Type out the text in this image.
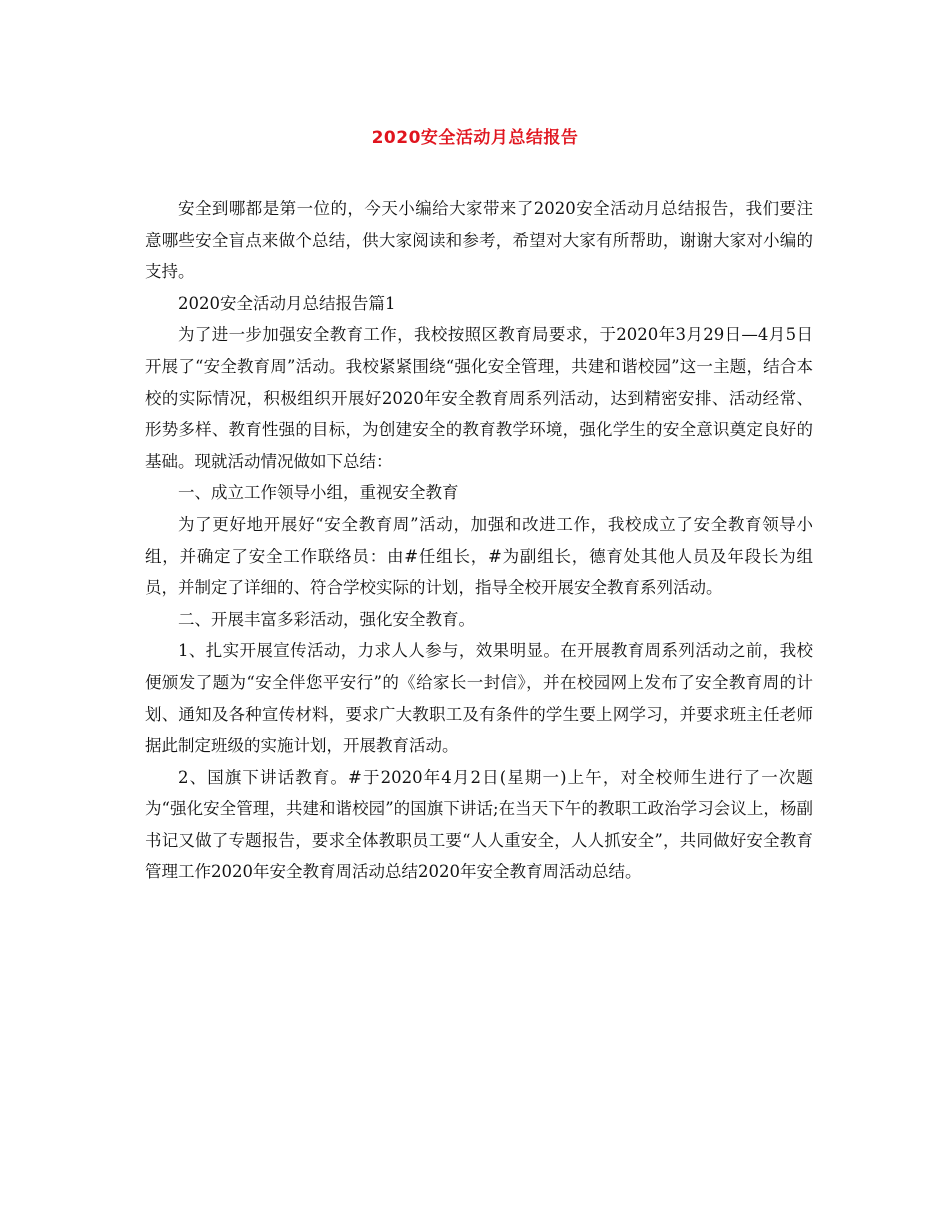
2020安全活动月总结报告

安全到哪都是第一位的，今天小编给大家带来了2020安全活动月总结报告，我们要注意哪些安全盲点来做个总结，供大家阅读和参考，希望对大家有所帮助，谢谢大家对小编的支持。

2020安全活动月总结报告篇1

为了进一步加强安全教育工作，我校按照区教育局要求，于2020年3月29日—4月5日开展了“安全教育周”活动。我校紧紧围绕“强化安全管理，共建和谐校园”这一主题，结合本校的实际情况，积极组织开展好2020年安全教育周系列活动，达到精密安排、活动经常、形势多样、教育性强的目标，为创建安全的教育教学环境，强化学生的安全意识奠定良好的基础。现就活动情况做如下总结：

一、成立工作领导小组，重视安全教育

为了更好地开展好“安全教育周”活动，加强和改进工作，我校成立了安全教育领导小组，并确定了安全工作联络员：由#任组长，#为副组长，德育处其他人员及年段长为组员，并制定了详细的、符合学校实际的计划，指导全校开展安全教育系列活动。

二、开展丰富多彩活动，强化安全教育。

1、扎实开展宣传活动，力求人人参与，效果明显。在开展教育周系列活动之前，我校便颁发了题为“安全伴您平安行”的《给家长一封信》，并在校园网上发布了安全教育周的计划、通知及各种宣传材料，要求广大教职工及有条件的学生要上网学习，并要求班主任老师据此制定班级的实施计划，开展教育活动。

2、国旗下讲话教育。#于2020年4月2日(星期一)上午，对全校师生进行了一次题为“强化安全管理，共建和谐校园”的国旗下讲话;在当天下午的教职工政治学习会议上，杨副书记又做了专题报告，要求全体教职员工要“人人重安全，人人抓安全”，共同做好安全教育管理工作2020年安全教育周活动总结2020年安全教育周活动总结。
